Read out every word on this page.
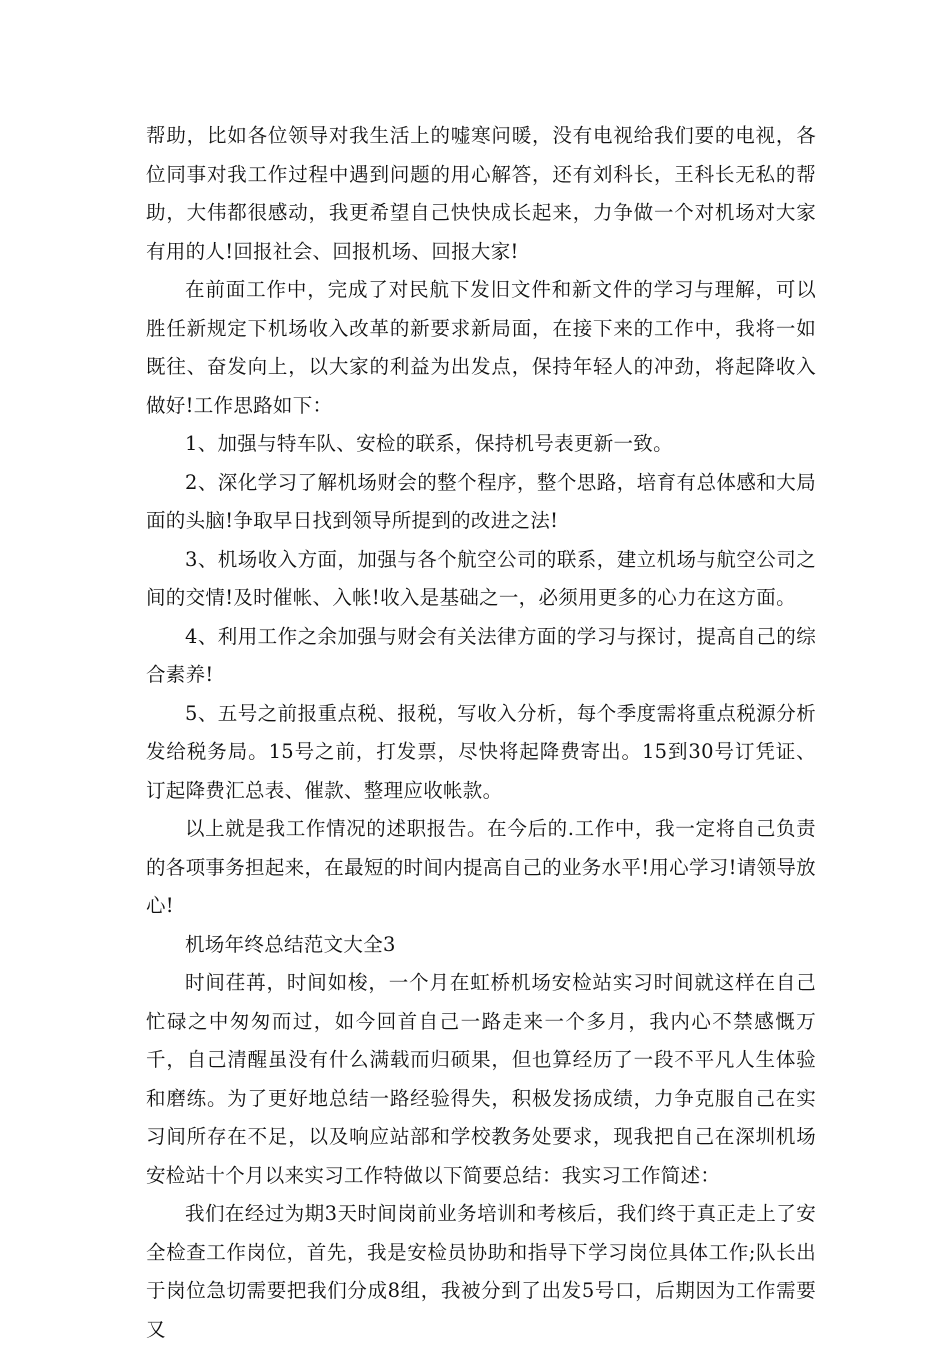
帮助，比如各位领导对我生活上的嘘寒问暖，没有电视给我们要的电视，各位同事对我工作过程中遇到问题的用心解答，还有刘科长，王科长无私的帮助，大伟都很感动，我更希望自己快快成长起来，力争做一个对机场对大家有用的人!回报社会、回报机场、回报大家!

在前面工作中，完成了对民航下发旧文件和新文件的学习与理解，可以胜任新规定下机场收入改革的新要求新局面，在接下来的工作中，我将一如既往、奋发向上，以大家的利益为出发点，保持年轻人的冲劲，将起降收入做好!工作思路如下：

1、加强与特车队、安检的联系，保持机号表更新一致。

2、深化学习了解机场财会的整个程序，整个思路，培育有总体感和大局面的头脑!争取早日找到领导所提到的改进之法!

3、机场收入方面，加强与各个航空公司的联系，建立机场与航空公司之间的交情!及时催帐、入帐!收入是基础之一，必须用更多的心力在这方面。

4、利用工作之余加强与财会有关法律方面的学习与探讨，提高自己的综合素养!

5、五号之前报重点税、报税，写收入分析，每个季度需将重点税源分析发给税务局。15号之前，打发票，尽快将起降费寄出。15到30号订凭证、订起降费汇总表、催款、整理应收帐款。

以上就是我工作情况的述职报告。在今后的.工作中，我一定将自己负责的各项事务担起来，在最短的时间内提高自己的业务水平!用心学习!请领导放心!

机场年终总结范文大全3

时间荏苒，时间如梭，一个月在虹桥机场安检站实习时间就这样在自己忙碌之中匆匆而过，如今回首自己一路走来一个多月，我内心不禁感慨万千，自己清醒虽没有什么满载而归硕果，但也算经历了一段不平凡人生体验和磨练。为了更好地总结一路经验得失，积极发扬成绩，力争克服自己在实习间所存在不足，以及响应站部和学校教务处要求，现我把自己在深圳机场安检站十个月以来实习工作特做以下简要总结：我实习工作简述：

我们在经过为期3天时间岗前业务培训和考核后，我们终于真正走上了安全检查工作岗位，首先，我是安检员协助和指导下学习岗位具体工作;队长出于岗位急切需要把我们分成8组，我被分到了出发5号口，后期因为工作需要又
